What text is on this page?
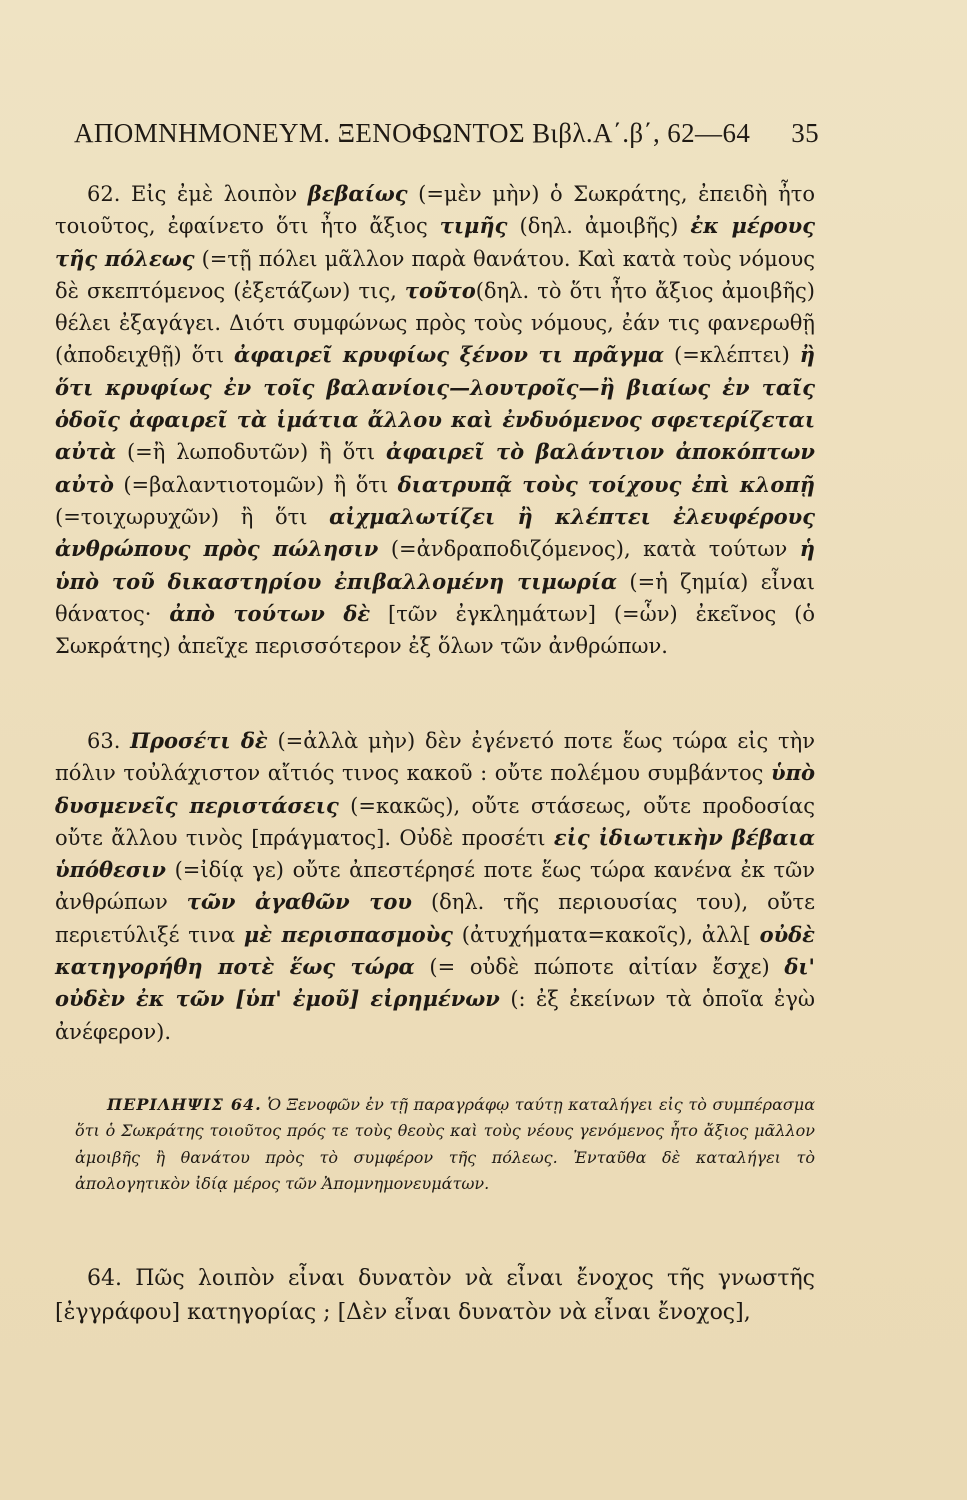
ΑΠΟΜΝΗΜΟΝΕΥΜ. ΞΕΝΟΦΩΝΤΟΣ Βιβλ.Α΄.β΄, 62—64 35
62. Εἰς ἐμὲ λοιπὸν βεβαίως (=μὲν μὴν) ὁ Σωκράτης, ἐπειδὴ ἦτο τοιοῦτος, ἐφαίνετο ὅτι ἦτο ἄξιος τιμῆς (δηλ. ἀμοιβῆς) ἐκ μέρους τῆς πόλεως (=τῇ πόλει μᾶλλον παρὰ θανάτου. Καὶ κατὰ τοὺς νόμους δὲ σκεπτόμενος (ἐξετάζων) τις, τοῦτο(δηλ. τὸ ὅτι ἦτο ἄξιος ἀμοιβῆς) θέλει ἐξαγάγει. Διότι συμφώνως πρὸς τοὺς νόμους, ἐάν τις φανερωθῇ (ἀποδειχθῇ) ὅτι ἀφαιρεῖ κρυφίως ξένον τι πρᾶγμα (=κλέπτει) ἢ ὅτι κρυφίως ἐν τοῖς βαλανίοις—λουτροῖς—ἢ βιαίως ἐν ταῖς ὁδοῖς ἀφαιρεῖ τὰ ἱμάτια ἄλλου καὶ ἐνδυόμενος σφετερίζεται αὐτὰ (=ἢ λωποδυτῶν) ἢ ὅτι ἀφαιρεῖ τὸ βαλάντιον ἀποκόπτων αὐτὸ (=βαλαντιοτομῶν) ἢ ὅτι διατρυπᾷ τοὺς τοίχους ἐπὶ κλοπῇ (=τοιχωρυχῶν) ἢ ὅτι αἰχμαλωτίζει ἢ κλέπτει ἐλευφέρους ἀνθρώπους πρὸς πώλησιν (=ἀνδραποδιζόμενος), κατὰ τούτων ἡ ὑπὸ τοῦ δικαστηρίου ἐπιβαλλομένη τιμωρία (=ἡ ζημία) εἶναι θάνατος· ἀπὸ τούτων δὲ [τῶν ἐγκλημάτων] (=ὧν) ἐκεῖνος (ὁ Σωκράτης) ἀπεῖχε περισσότερον ἐξ ὅλων τῶν ἀνθρώπων.
63. Προσέτι δὲ (=ἀλλὰ μὴν) δὲν ἐγένετό ποτε ἕως τώρα εἰς τὴν πόλιν τοὐλάχιστον αἴτιός τινος κακοῦ : οὔτε πολέμου συμβάντος ὑπὸ δυσμενεῖς περιστάσεις (=κακῶς), οὔτε στάσεως, οὔτε προδοσίας οὔτε ἄλλου τινὸς [πράγματος]. Οὐδὲ προσέτι εἰς ἰδιωτικὴν βέβαια ὑπόθεσιν (=ἰδίᾳ γε) οὔτε ἀπεστέρησέ ποτε ἕως τώρα κανένα ἐκ τῶν ἀνθρώπων τῶν ἀγαθῶν του (δηλ. τῆς περιουσίας του), οὔτε περιετύλιξέ τινα μὲ περισπασμοὺς (ἀτυχήματα=κακοῖς), ἀλλ[ οὐδὲ κατηγορήθη ποτὲ ἕως τώρα (= οὐδὲ πώποτε αἰτίαν ἔσχε) δι' οὐδὲν ἐκ τῶν [ὑπ' ἐμοῦ] εἰρημένων (: ἐξ ἐκείνων τὰ ὁποῖα ἐγὼ ἀνέφερον).
ΠΕΡΙΛΗΨΙΣ 64. Ὁ Ξενοφῶν ἐν τῇ παραγράφῳ ταύτῃ καταλήγει εἰς τὸ συμπέρασμα ὅτι ὁ Σωκράτης τοιοῦτος πρός τε τοὺς θεοὺς καὶ τοὺς νέους γενόμενος ἦτο ἄξιος μᾶλλον ἀμοιβῆς ἢ θανάτου πρὸς τὸ συμφέρον τῆς πόλεως. Ἐνταῦθα δὲ καταλήγει τὸ ἀπολογητικὸν ἰδίᾳ μέρος τῶν Ἀπομνημονευμάτων.
64. Πῶς λοιπὸν εἶναι δυνατὸν νὰ εἶναι ἔνοχος τῆς γνωστῆς [ἐγγράφου] κατηγορίας ; [Δὲν εἶναι δυνατὸν νὰ εἶναι ἔνοχος],
